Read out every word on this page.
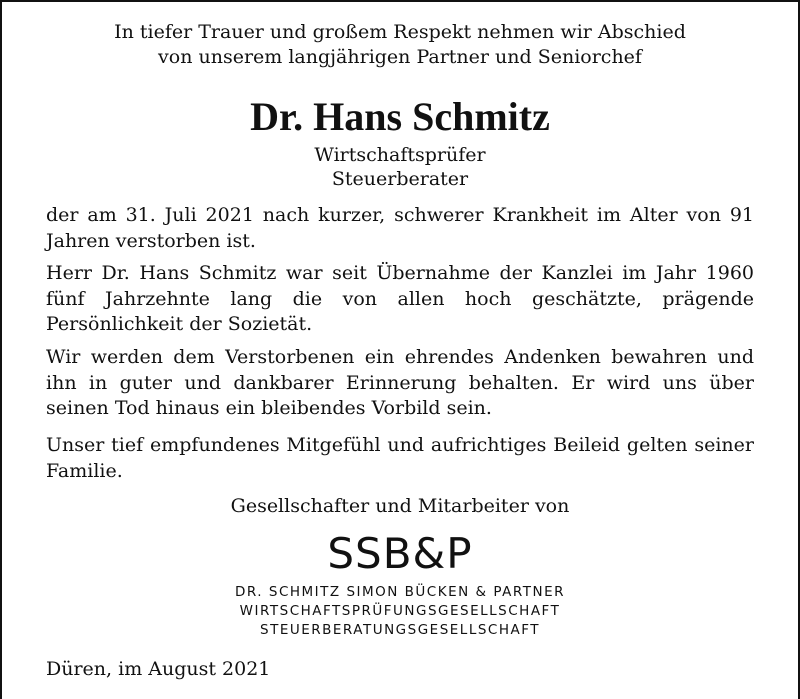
In tiefer Trauer und großem Respekt nehmen wir Abschied
von unserem langjährigen Partner und Seniorchef
Dr. Hans Schmitz
Wirtschaftsprüfer
Steuerberater

der am 31. Juli 2021 nach kurzer, schwerer Krankheit im Alter von 91 Jahren verstorben ist.

Herr Dr. Hans Schmitz war seit Übernahme der Kanzlei im Jahr 1960 fünf Jahrzehnte lang die von allen hoch geschätzte, prägende Persönlichkeit der Sozietät.

Wir werden dem Verstorbenen ein ehrendes Andenken bewahren und ihn in guter und dankbarer Erinnerung behalten. Er wird uns über seinen Tod hinaus ein bleibendes Vorbild sein.

Unser tief empfundenes Mitgefühl und aufrichtiges Beileid gelten seiner Familie.

Gesellschafter und Mitarbeiter von
SSB&P
DR. SCHMITZ SIMON BÜCKEN & PARTNER
WIRTSCHAFTSPRÜFUNGSGESELLSCHAFT
STEUERBERATUNGSGESELLSCHAFT
Düren, im August 2021
